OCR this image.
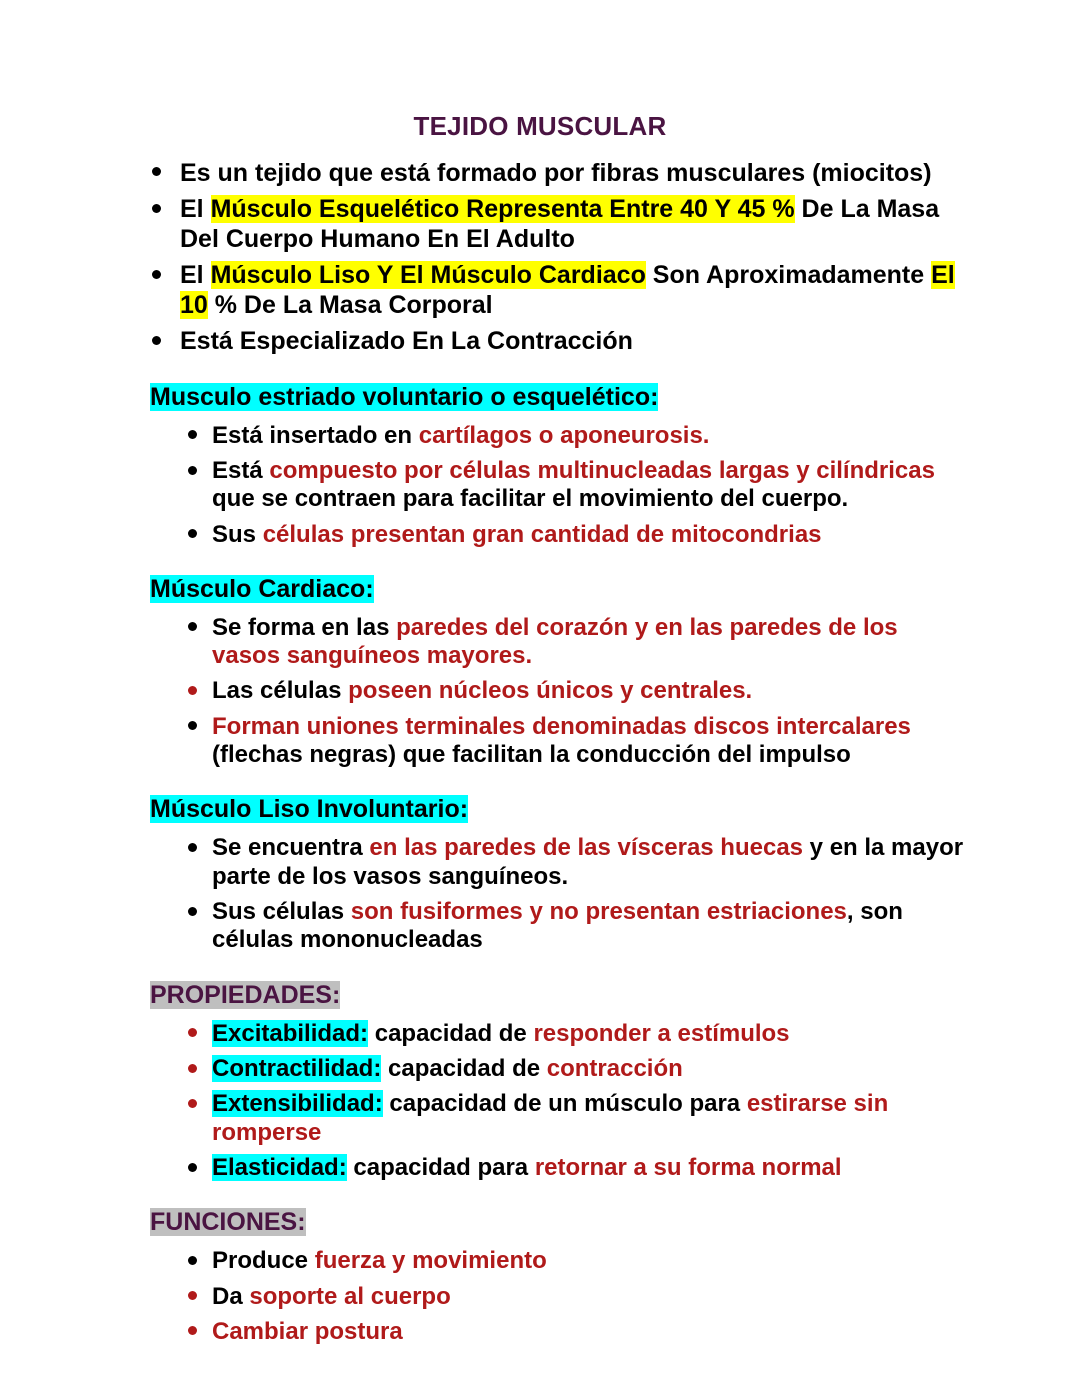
TEJIDO MUSCULAR
Es un tejido que está formado por fibras musculares (miocitos)
El Músculo Esquelético Representa Entre 40 Y 45 % De La Masa Del Cuerpo Humano En El Adulto
El Músculo Liso Y El Músculo Cardiaco Son Aproximadamente El 10 % De La Masa Corporal
Está Especializado En La Contracción
Musculo estriado voluntario o esquelético:
Está insertado en cartílagos o aponeurosis.
Está compuesto por células multinucleadas largas y cilíndricas que se contraen para facilitar el movimiento del cuerpo.
Sus células presentan gran cantidad de mitocondrias
Músculo Cardiaco:
Se forma en las paredes del corazón y en las paredes de los vasos sanguíneos mayores.
Las células poseen núcleos únicos y centrales.
Forman uniones terminales denominadas discos intercalares (flechas negras) que facilitan la conducción del impulso
Músculo Liso Involuntario:
Se encuentra en las paredes de las vísceras huecas y en la mayor parte de los vasos sanguíneos.
Sus células son fusiformes y no presentan estriaciones, son células mononucleadas
PROPIEDADES:
Excitabilidad: capacidad de responder a estímulos
Contractilidad: capacidad de contracción
Extensibilidad: capacidad de un músculo para estirarse sin romperse
Elasticidad: capacidad para retornar a su forma normal
FUNCIONES:
Produce fuerza y movimiento
Da soporte al cuerpo
Cambiar postura
